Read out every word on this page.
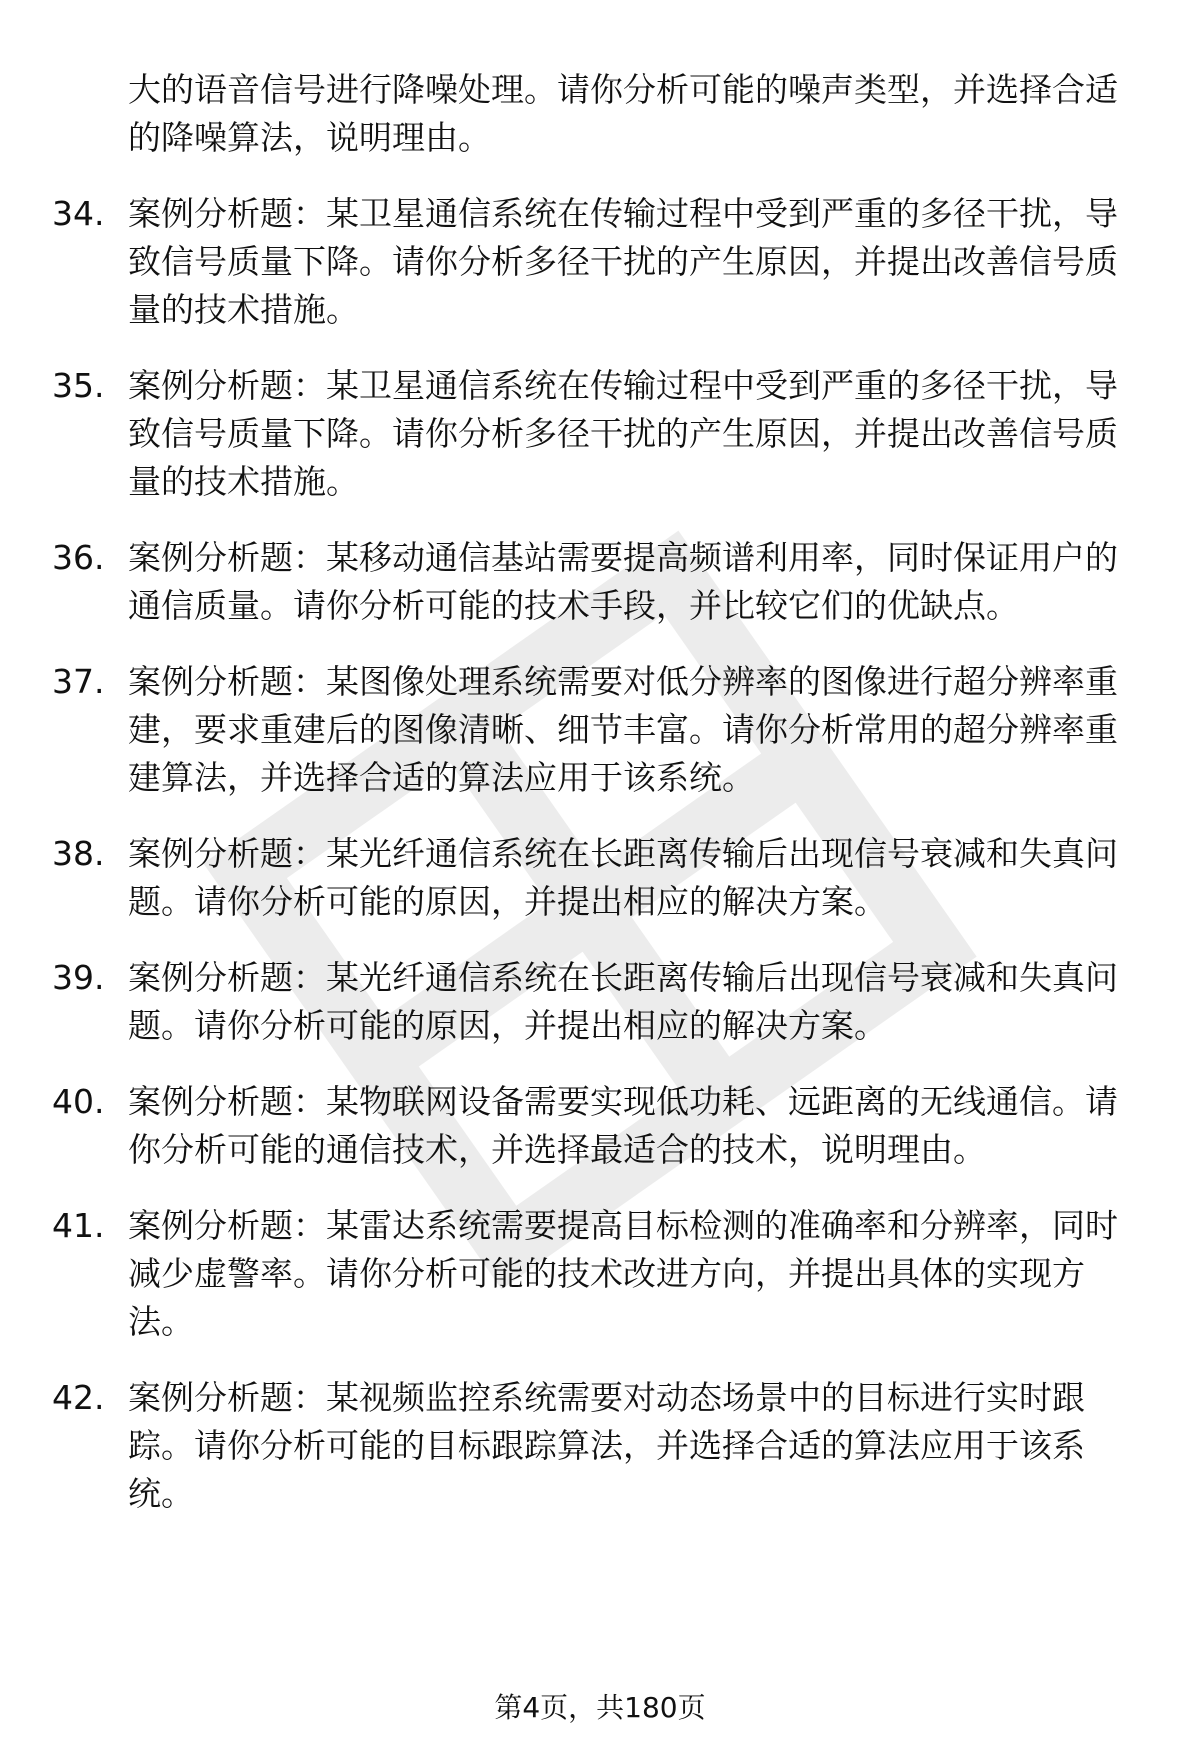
大的语音信号进行降噪处理。请你分析可能的噪声类型，并选择合适的降噪算法，说明理由。
34. 案例分析题：某卫星通信系统在传输过程中受到严重的多径干扰，导致信号质量下降。请你分析多径干扰的产生原因，并提出改善信号质量的技术措施。
35. 案例分析题：某卫星通信系统在传输过程中受到严重的多径干扰，导致信号质量下降。请你分析多径干扰的产生原因，并提出改善信号质量的技术措施。
36. 案例分析题：某移动通信基站需要提高频谱利用率，同时保证用户的通信质量。请你分析可能的技术手段，并比较它们的优缺点。
37. 案例分析题：某图像处理系统需要对低分辨率的图像进行超分辨率重建，要求重建后的图像清晰、细节丰富。请你分析常用的超分辨率重建算法，并选择合适的算法应用于该系统。
38. 案例分析题：某光纤通信系统在长距离传输后出现信号衰减和失真问题。请你分析可能的原因，并提出相应的解决方案。
39. 案例分析题：某光纤通信系统在长距离传输后出现信号衰减和失真问题。请你分析可能的原因，并提出相应的解决方案。
40. 案例分析题：某物联网设备需要实现低功耗、远距离的无线通信。请你分析可能的通信技术，并选择最适合的技术，说明理由。
41. 案例分析题：某雷达系统需要提高目标检测的准确率和分辨率，同时减少虚警率。请你分析可能的技术改进方向，并提出具体的实现方法。
42. 案例分析题：某视频监控系统需要对动态场景中的目标进行实时跟踪。请你分析可能的目标跟踪算法，并选择合适的算法应用于该系统。
第4页，共180页
